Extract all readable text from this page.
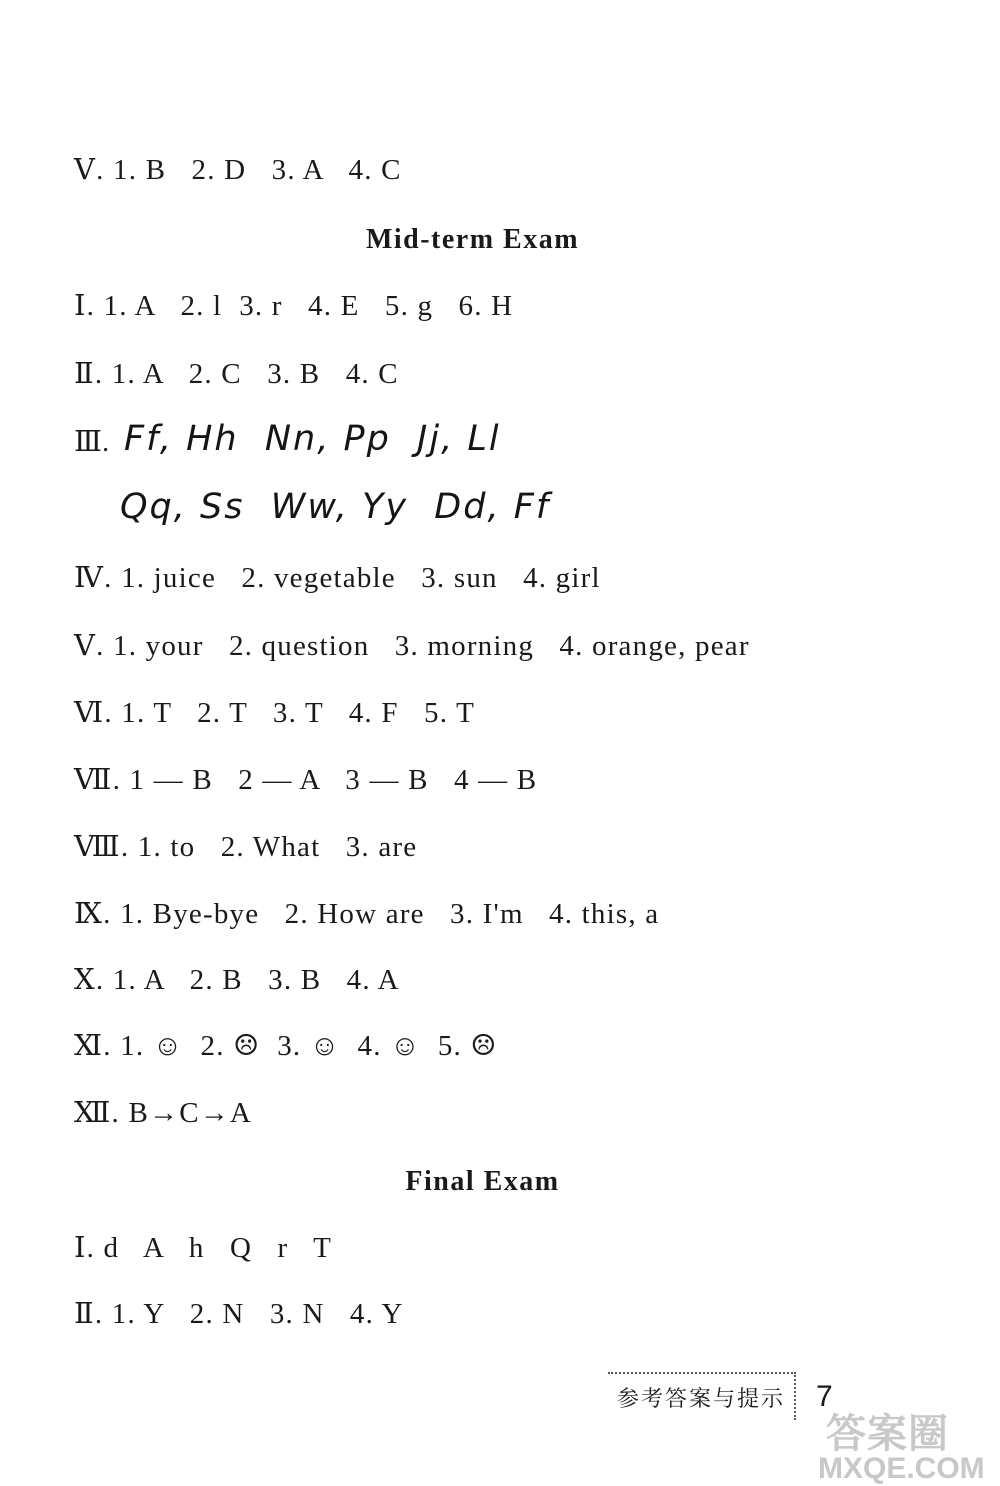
Ⅴ. 1. B   2. D   3. A   4. C
Mid-term Exam
Ⅰ. 1. A   2. l  3. r   4. E   5. g   6. H
Ⅱ. 1. A   2. C   3. B   4. C
Ⅲ. Ff, Hh  Nn, Pp  Jj, Ll
Qq, Ss  Ww, Yy  Dd, Ff
Ⅳ. 1. juice   2. vegetable   3. sun   4. girl
Ⅴ. 1. your   2. question   3. morning   4. orange, pear
Ⅵ. 1. T   2. T   3. T   4. F   5. T
Ⅶ. 1 — B   2 — A   3 — B   4 — B
Ⅷ. 1. to   2. What   3. are
Ⅸ. 1. Bye-bye   2. How are   3. I'm   4. this, a
Ⅹ. 1. A   2. B   3. B   4. A
Ⅺ. 1. ☺  2. ☹  3. ☺  4. ☺  5. ☹
Ⅻ. B→C→A
Final Exam
Ⅰ. d   A   h   Q   r   T
Ⅱ. 1. Y   2. N   3. N   4. Y
参考答案与提示	7
答案圈
MXQE.COM
